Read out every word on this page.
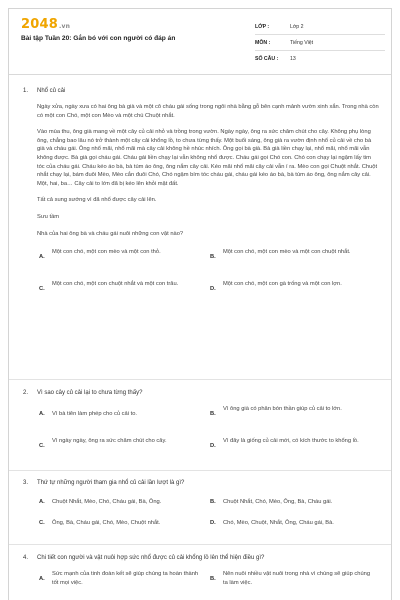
2048.vn
Bài tập Tuần 20: Gắn bó với con người có đáp án
LỚP :	Lớp 2
MÔN :	Tiếng Việt
SỐ CÂU :	13
1. Nhổ củ cải
Ngày xửa, ngày xưa có hai ông bà già và một cô cháu gái sống trong ngôi nhà bằng gỗ bên cạnh mảnh vườn xinh xắn. Trong nhà còn có một con Chó, một con Mèo và một chú Chuột nhắt.
Vào mùa thu, ông già mang về một cây củ cải nhỏ và trồng trong vườn. Ngày ngày, ông ra sức chăm chút cho cây. Không phụ lòng ông, chẳng bao lâu nó trở thành một cây cải khổng lồ, to chưa từng thấy. Một buổi sáng, ông già ra vườn định nhổ củ cải về cho bà già và cháu gái. Ông nhổ mãi, nhổ mãi mà cây cải không hề nhúc nhích. Ông gọi bà già. Bà già liền chạy lại, nhổ mãi, nhổ mãi vẫn không được. Bà già gọi cháu gái. Cháu gái liền chạy lại vẫn không nhổ được. Cháu gái gọi Chó con. Chó con chạy lại ngậm lấy tim tóc của cháu gái. Cháu kéo áo bà, bà túm áo ông, ông nắm cây cải. Kéo mãi nhổ mãi cây cải vẫn í ra. Mèo con gọi Chuột nhắt. Chuột nhắt chạy lại, bám đuôi Mèo, Mèo cắn đuôi Chó, Chó ngậm bím tóc cháu gái, cháu gái kéo áo bà, bà túm áo ông, ông nắm cây cải. Một, hai, ba… Cây cải to lớn đã bị kéo lên khỏi mặt đất.
Tất cả sung sướng vì đã nhổ được cây cải lên.
Sưu tầm
Nhà của hai ông bà và cháu gái nuôi những con vật nào?
A.
Một con chó, một con mèo và một con thỏ.
B.
Một con chó, một con mèo và một con chuột nhắt.
C.
Một con chó, một con chuột nhắt và một con trâu.
D.
Một con chó, một con gà trống và một con lợn.
2. Vì sao cây củ cải lại to chưa từng thấy?
A.	Vì bà tiên làm phép cho củ cải to.	B.
Vì ông già có phân bón thần giúp củ cải to lớn.
C.
Vì ngày ngày, ông ra sức chăm chút cho cây.
D.
Vì đây là giống củ cải mới, có kích thước to khổng lồ.
3. Thứ tự những người tham gia nhổ củ cải lần lượt là gì?
A.	Chuột Nhắt, Mèo, Chó, Cháu gái, Bà, Ông.	B.	Chuột Nhắt, Chó, Mèo, Ông, Bà, Cháu gái.
C.	Ông, Bà, Cháu gái, Chó, Mèo, Chuột nhắt.	D.	Chó, Mèo, Chuột, Nhắt, Ông, Cháu gái, Bà.
4. Chi tiết con người và vật nuôi hợp sức nhổ được củ cải khổng lồ lên thể hiện điều gì?
A.
Sức mạnh của tinh đoàn kết sẽ giúp chúng ta hoàn thành tốt mọi việc.
B.
Nên nuôi nhiều vật nuôi trong nhà vì chúng sẽ giúp chúng ta làm việc.
